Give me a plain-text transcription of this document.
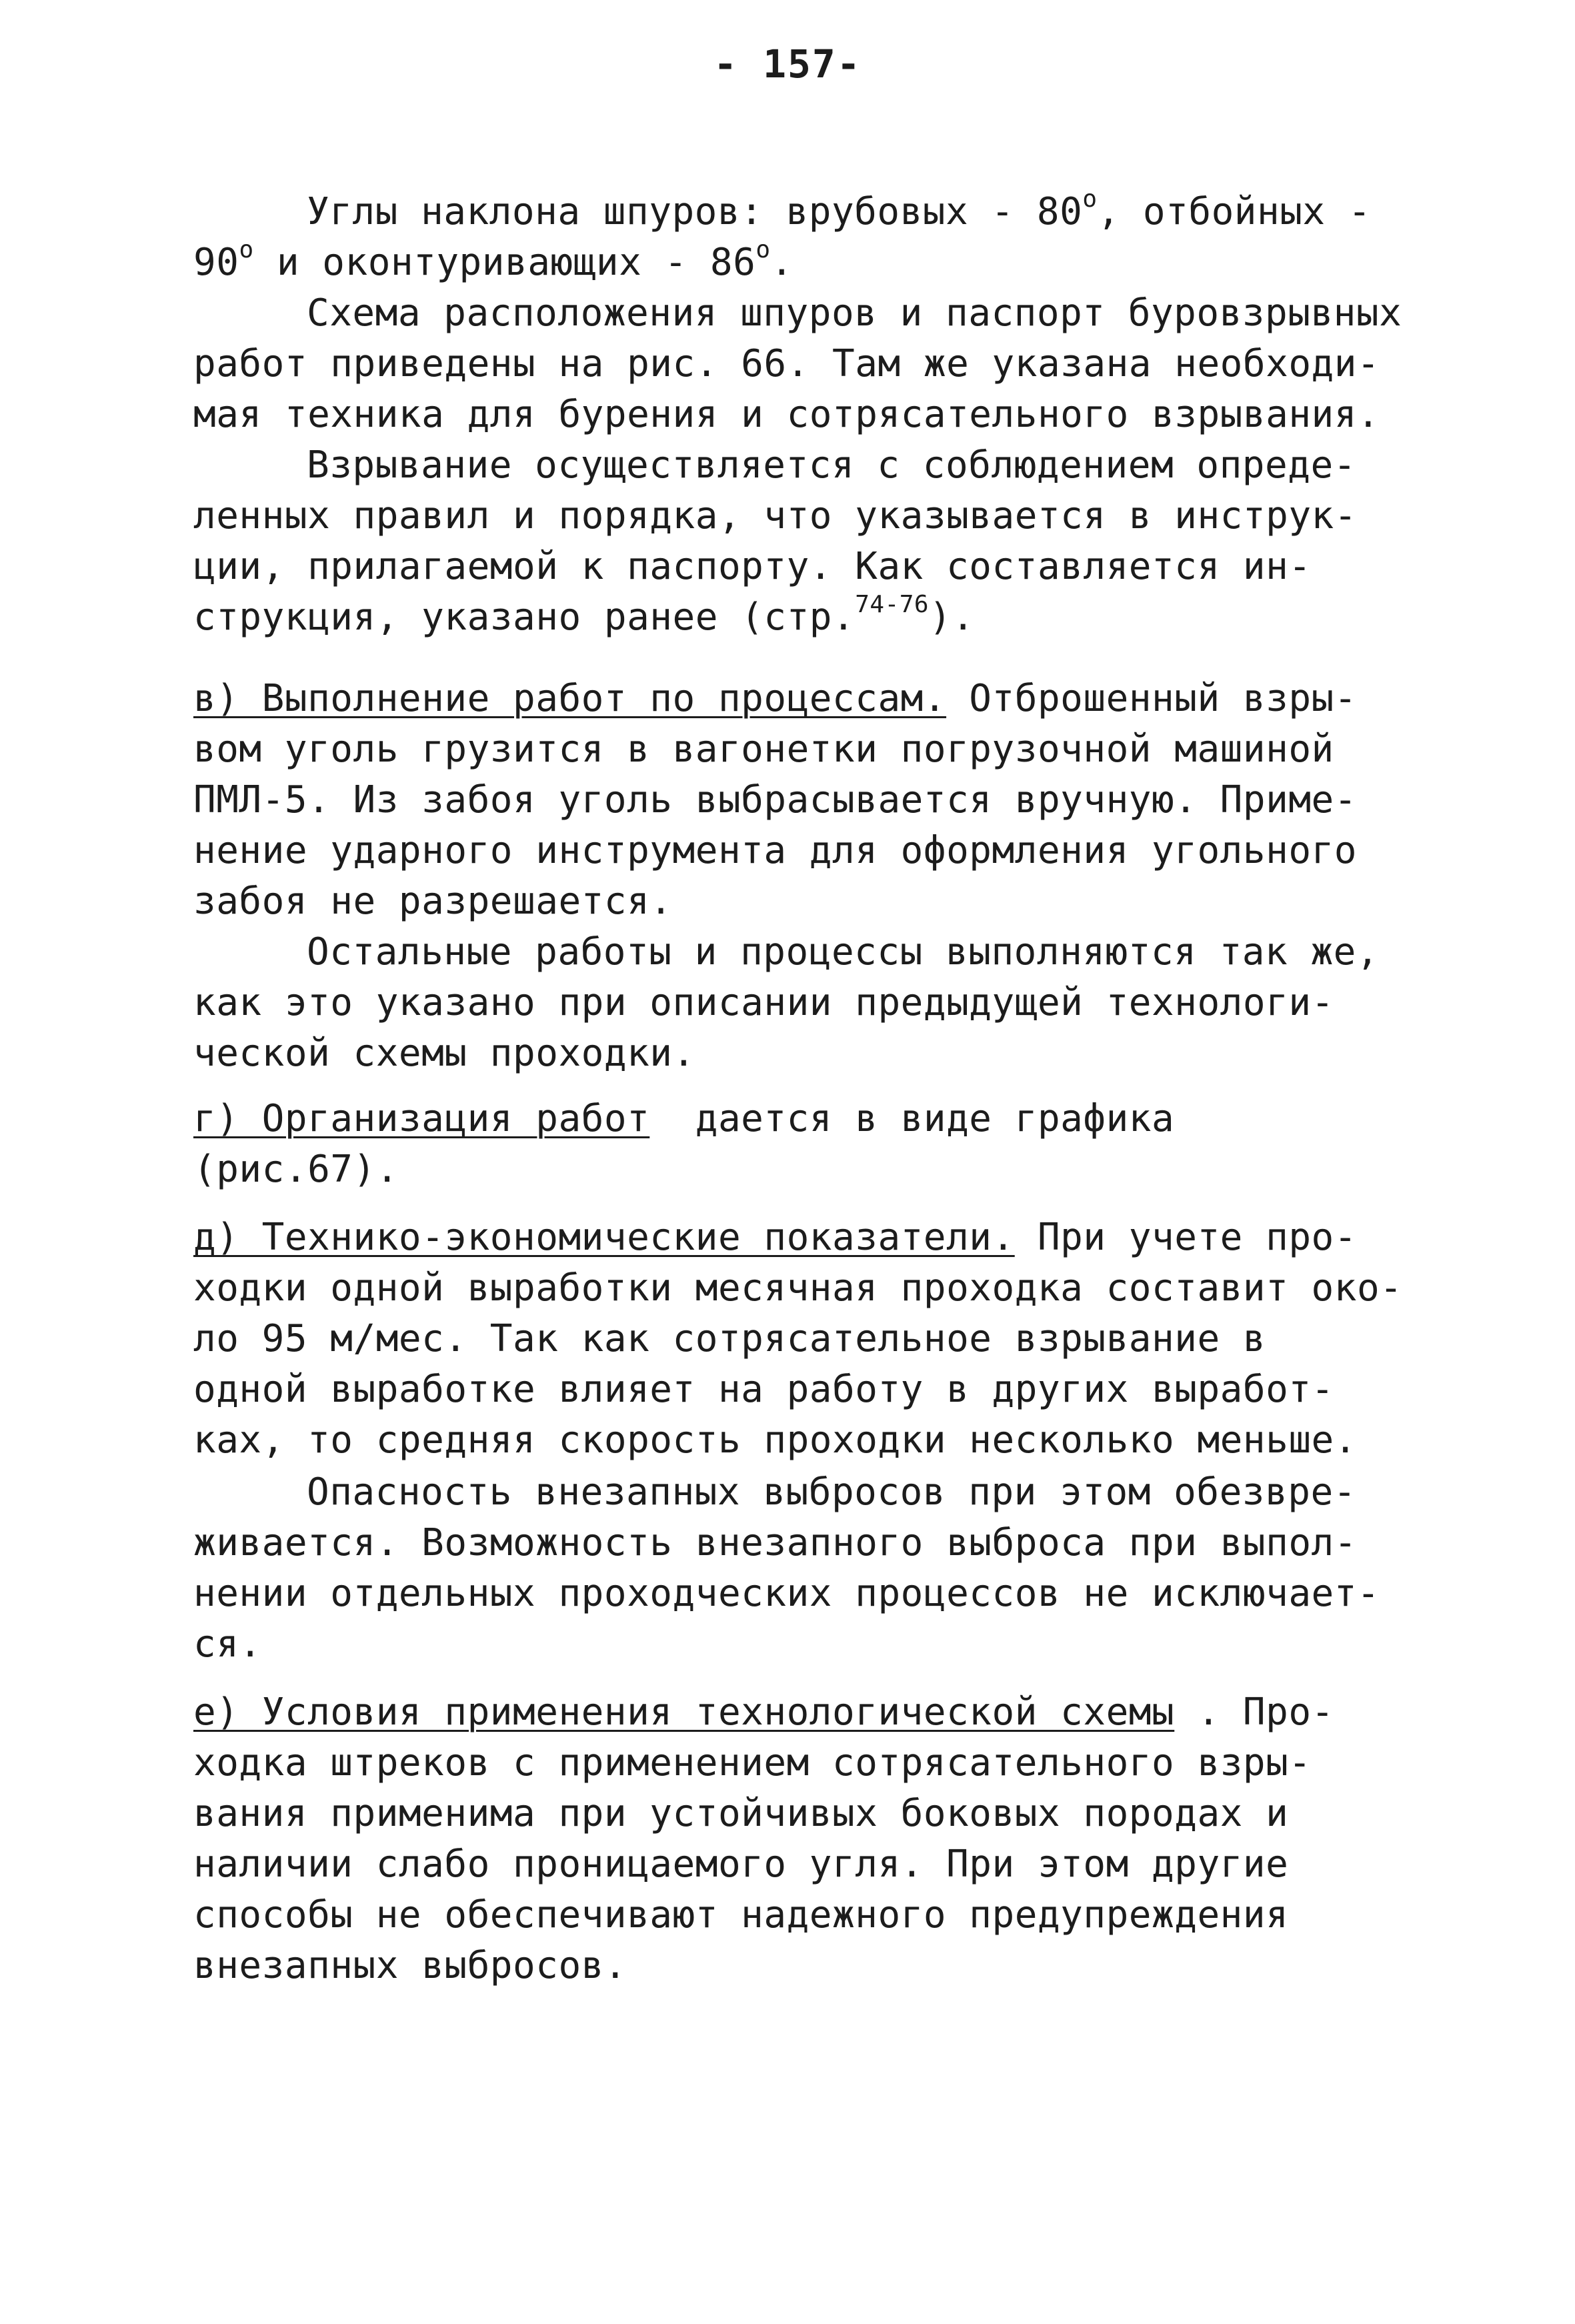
- 157-
Углы наклона шпуров: врубовых - $80^о$, отбойных -
$90^о$ и оконтуривающих - $86^о$.
Схема расположения шпуров и паспорт буровзрывных
работ приведены на рис. 66. Там же указана необходи-
мая техника для бурения и сотрясательного взрывания.
Взрывание осуществляется с соблюдением опреде-
ленных правил и порядка, что указывается в инструк-
ции, прилагаемой к паспорту. Как составляется ин-
струкция, указано ранее (стр.$^{74-76}$).
в) Выполнение работ по процессам. Отброшенный взры-
вом уголь грузится в вагонетки погрузочной машиной
ПМЛ-5. Из забоя уголь выбрасывается вручную. Приме-
нение ударного инструмента для оформления угольного
забоя не разрешается.
Остальные работы и процессы выполняются так же,
как это указано при описании предыдущей технологи-
ческой схемы проходки.
г) Организация работ  дается в виде графика
(рис.67).
д) Технико-экономические показатели. При учете про-
ходки одной выработки месячная проходка составит око-
ло 95 м/мес. Так как сотрясательное взрывание в
одной выработке влияет на работу в других выработ-
ках, то средняя скорость проходки несколько меньше.
Опасность внезапных выбросов при этом обезвре-
живается. Возможность внезапного выброса при выпол-
нении отдельных проходческих процессов не исключает-
ся.
е) Условия применения технологической схемы . Про-
ходка штреков с применением сотрясательного взры-
вания применима при устойчивых боковых породах и
наличии слабо проницаемого угля. При этом другие
способы не обеспечивают надежного предупреждения
внезапных выбросов.
